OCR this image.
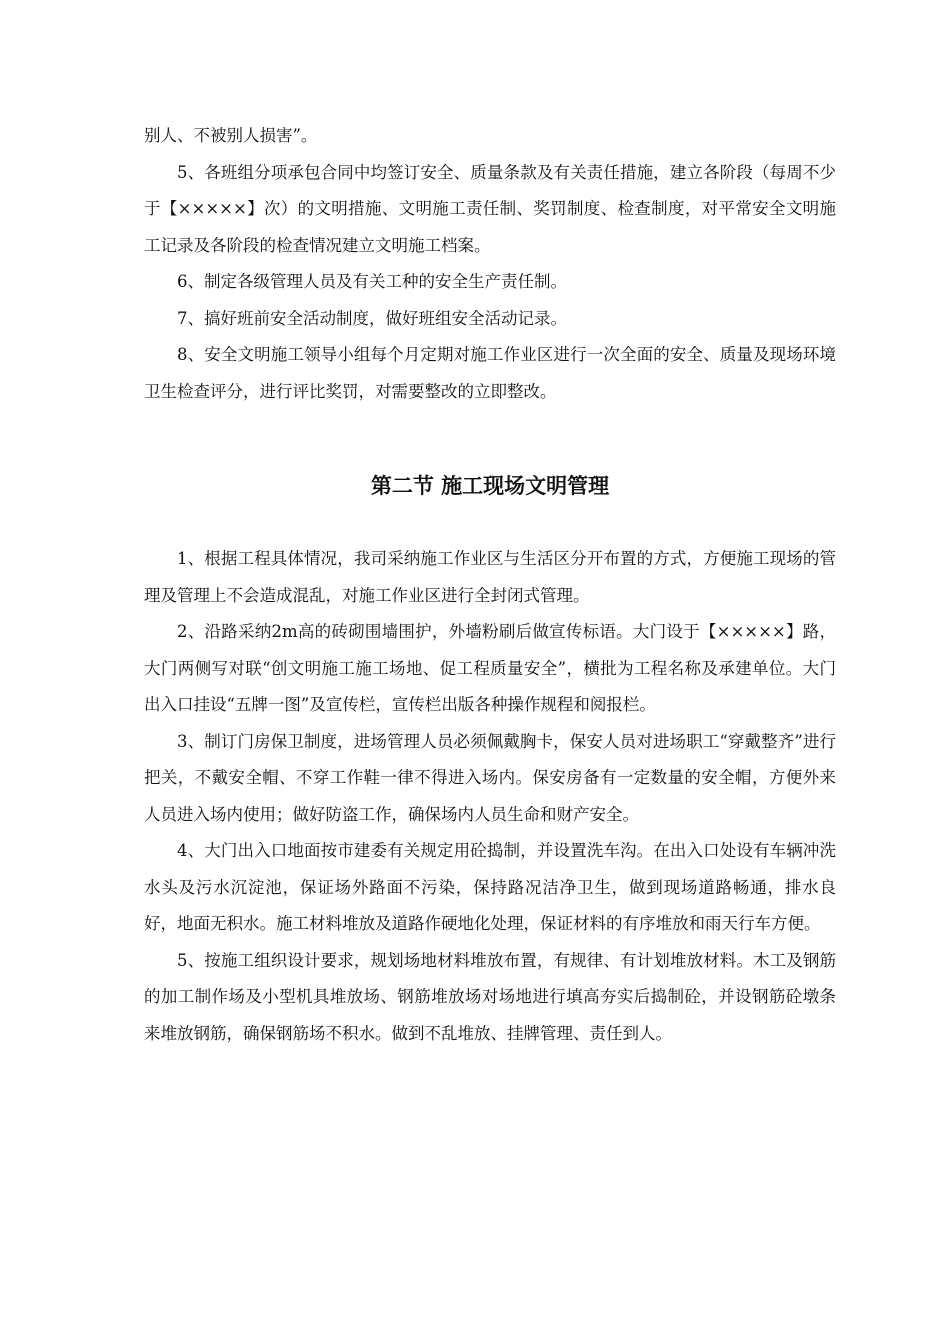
别人、不被别人损害”。

5、各班组分项承包合同中均签订安全、质量条款及有关责任措施，建立各阶段（每周不少于【×××××】次）的文明措施、文明施工责任制、奖罚制度、检查制度，对平常安全文明施工记录及各阶段的检查情况建立文明施工档案。

6、制定各级管理人员及有关工种的安全生产责任制。

7、搞好班前安全活动制度，做好班组安全活动记录。

8、安全文明施工领导小组每个月定期对施工作业区进行一次全面的安全、质量及现场环境卫生检查评分，进行评比奖罚，对需要整改的立即整改。

第二节 施工现场文明管理

1、根据工程具体情况，我司采纳施工作业区与生活区分开布置的方式，方便施工现场的管理及管理上不会造成混乱，对施工作业区进行全封闭式管理。

2、沿路采纳2m高的砖砌围墙围护，外墙粉刷后做宣传标语。大门设于【×××××】路，大门两侧写对联“创文明施工施工场地、促工程质量安全”，横批为工程名称及承建单位。大门出入口挂设“五牌一图”及宣传栏，宣传栏出版各种操作规程和阅报栏。

3、制订门房保卫制度，进场管理人员必须佩戴胸卡，保安人员对进场职工“穿戴整齐”进行把关，不戴安全帽、不穿工作鞋一律不得进入场内。保安房备有一定数量的安全帽，方便外来人员进入场内使用；做好防盗工作，确保场内人员生命和财产安全。

4、大门出入口地面按市建委有关规定用砼捣制，并设置洗车沟。在出入口处设有车辆冲洗水头及污水沉淀池，保证场外路面不污染，保持路况洁净卫生，做到现场道路畅通，排水良好，地面无积水。施工材料堆放及道路作硬地化处理，保证材料的有序堆放和雨天行车方便。

5、按施工组织设计要求，规划场地材料堆放布置，有规律、有计划堆放材料。木工及钢筋的加工制作场及小型机具堆放场、钢筋堆放场对场地进行填高夯实后捣制砼，并设钢筋砼墩条来堆放钢筋，确保钢筋场不积水。做到不乱堆放、挂牌管理、责任到人。
